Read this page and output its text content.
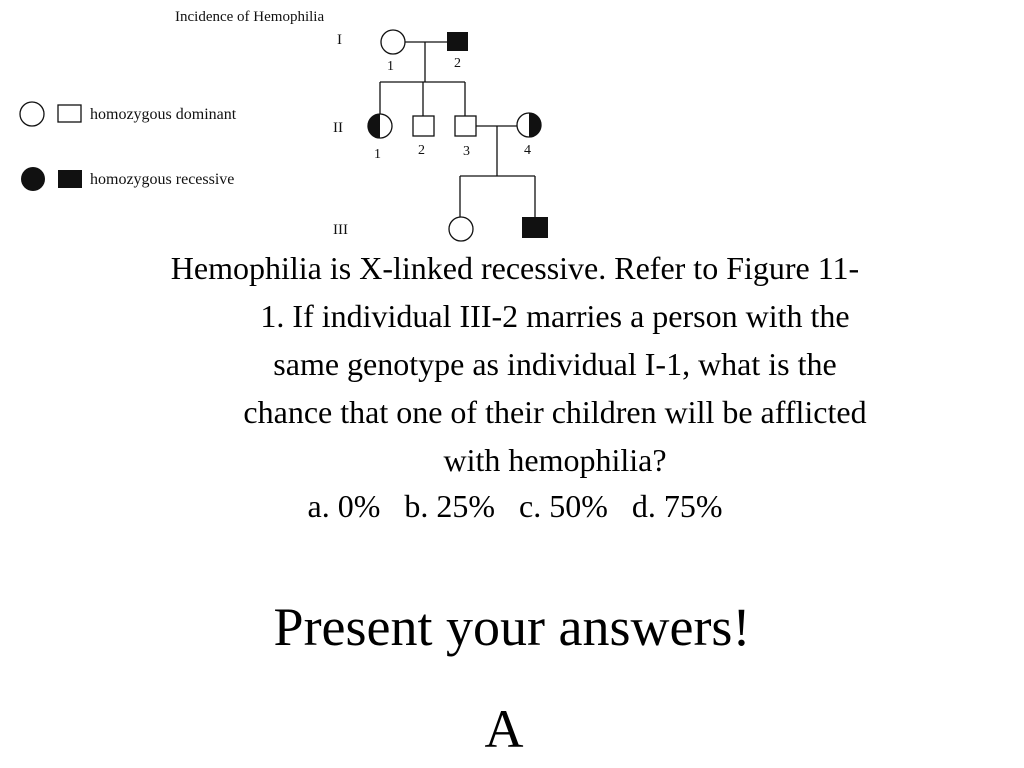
Incidence of Hemophilia
I
II
III
1	2
1	2	3	4
homozygous dominant
homozygous recessive
Hemophilia is X-linked recessive. Refer to Figure 11-
1. If individual III-2 marries a person with the
same genotype as individual I-1, what is the
chance that one of their children will be afflicted
with hemophilia?
a. 0% b. 25% c. 50% d. 75%
Present your answers!
A
